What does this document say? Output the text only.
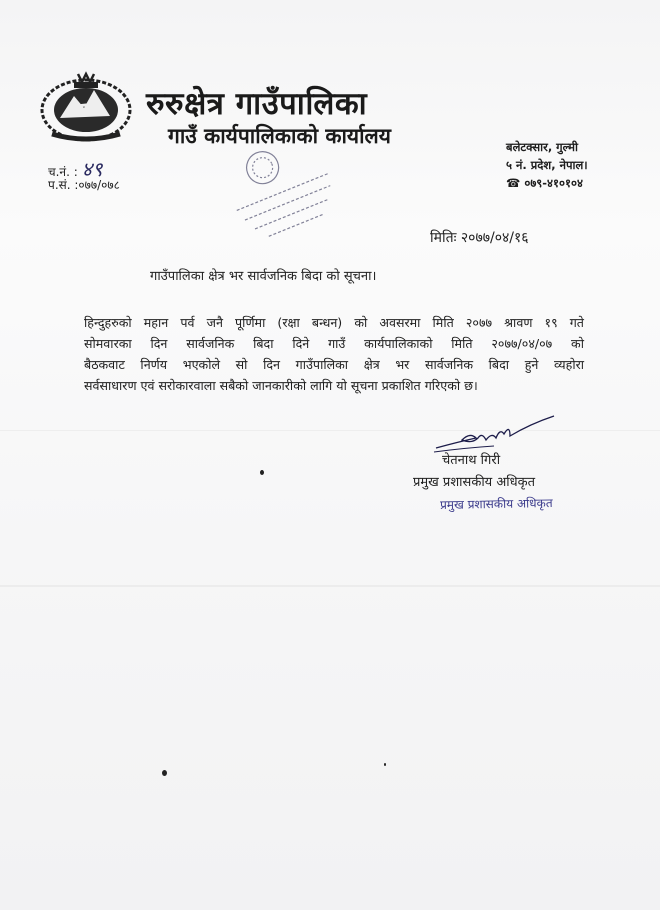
रुरुक्षेत्र गाउँपालिका
गाउँ कार्यपालिकाको कार्यालय
च.नं. : ४९
प.सं. :०७७/०७८
बलेटक्सार, गुल्मी
५ नं. प्रदेश, नेपाल।
☎ ०७९-४१०१०४
मितिः २०७७/०४/१६
गाउँपालिका क्षेत्र भर सार्वजनिक बिदा को सूचना।
हिन्दुहरुको महान पर्व जनै पूर्णिमा (रक्षा बन्धन) को अवसरमा मिति २०७७ श्रावण १९ गते
सोमवारका दिन सार्वजनिक बिदा दिने गाउँ कार्यपालिकाको मिति २०७७/०४/०७ को
बैठकवाट निर्णय भएकोले सो दिन गाउँपालिका क्षेत्र भर सार्वजनिक बिदा हुने व्यहोरा
सर्वसाधारण एवं सरोकारवाला सबैको जानकारीको लागि यो सूचना प्रकाशित गरिएको छ।
चेतनाथ गिरी
प्रमुख प्रशासकीय अधिकृत
प्रमुख प्रशासकीय अधिकृत
